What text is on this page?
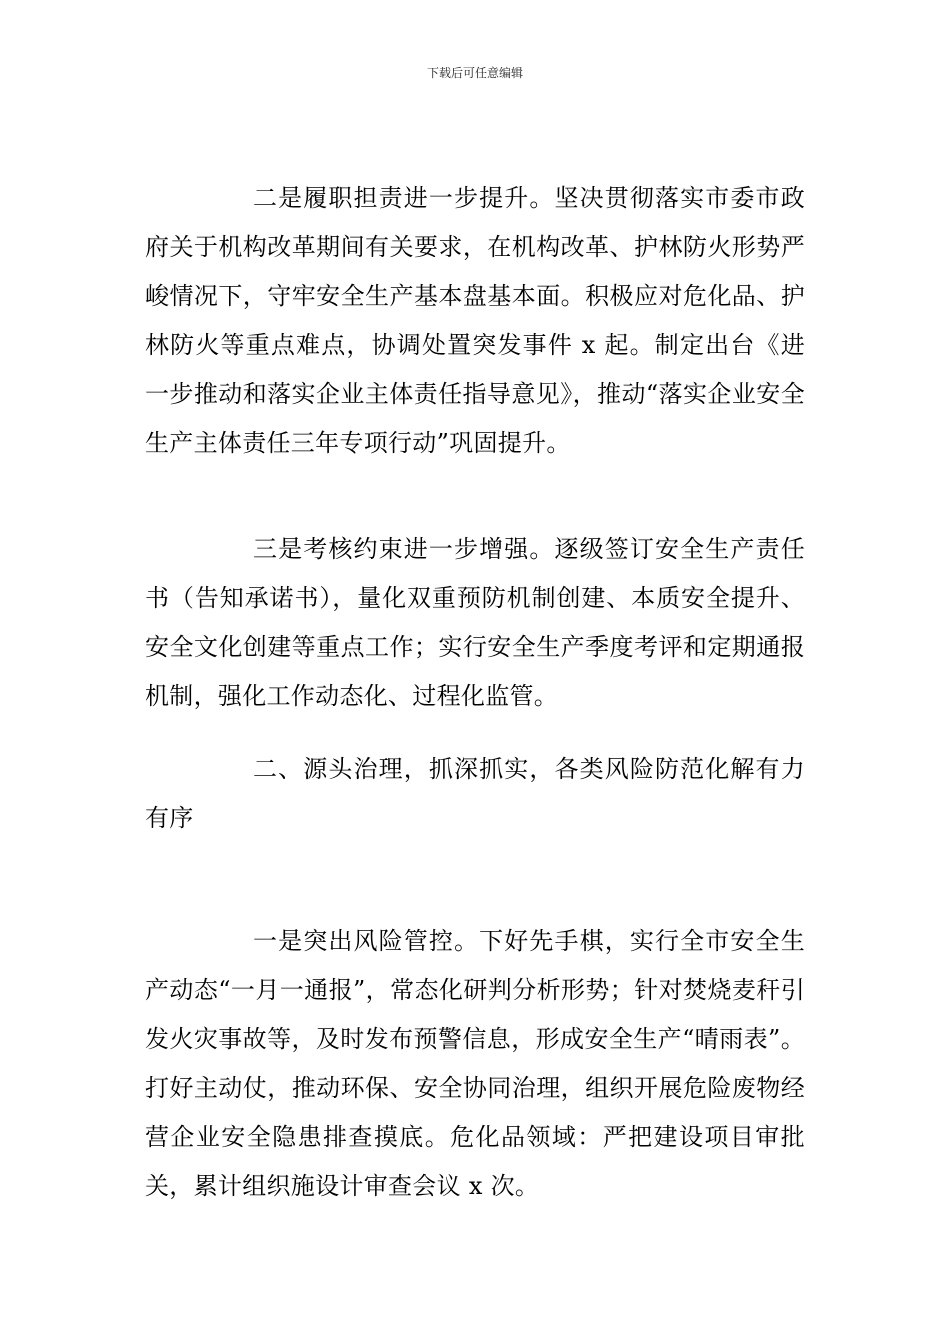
下载后可任意编辑

二是履职担责进一步提升。坚决贯彻落实市委市政府关于机构改革期间有关要求，在机构改革、护林防火形势严峻情况下，守牢安全生产基本盘基本面。积极应对危化品、护林防火等重点难点，协调处置突发事件 x 起。制定出台《进一步推动和落实企业主体责任指导意见》，推动“落实企业安全生产主体责任三年专项行动”巩固提升。

三是考核约束进一步增强。逐级签订安全生产责任书（告知承诺书），量化双重预防机制创建、本质安全提升、安全文化创建等重点工作；实行安全生产季度考评和定期通报机制，强化工作动态化、过程化监管。

二、源头治理，抓深抓实，各类风险防范化解有力有序

一是突出风险管控。下好先手棋，实行全市安全生产动态“一月一通报”，常态化研判分析形势；针对焚烧麦秆引发火灾事故等，及时发布预警信息，形成安全生产“晴雨表”。打好主动仗，推动环保、安全协同治理，组织开展危险废物经营企业安全隐患排查摸底。危化品领域：严把建设项目审批关，累计组织施设计审查会议 x 次。
